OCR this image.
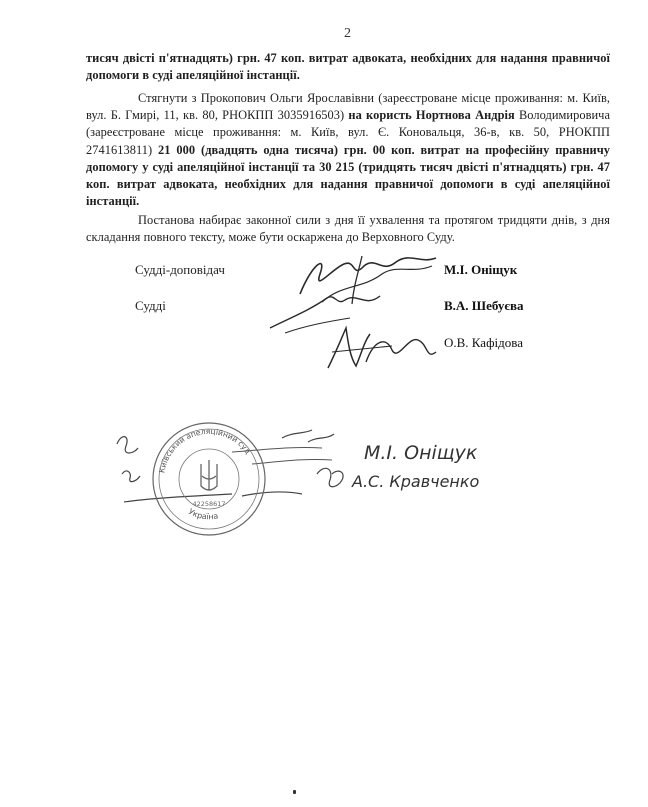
2
тисяч двісті п'ятнадцять) грн. 47 коп. витрат адвоката, необхідних для надання правничої допомоги в суді апеляційної інстанції.
Стягнути з Прокопович Ольги Ярославівни (зареєстроване місце проживання: м. Київ, вул. Б. Гмирі, 11, кв. 80, РНОКПП 3035916503) на користь Нортнова Андрія Володимировича (зареєстроване місце проживання: м. Київ, вул. Є. Коновальця, 36-в, кв. 50, РНОКПП 2741613811) 21 000 (двадцять одна тисяча) грн. 00 коп. витрат на професійну правничу допомогу у суді апеляційної інстанції та 30 215 (тридцять тисяч двісті п'ятнадцять) грн. 47 коп. витрат адвоката, необхідних для надання правничої допомоги в суді апеляційної інстанції.
Постанова набирає законної сили з дня її ухвалення та протягом тридцяти днів, з дня складання повного тексту, може бути оскаржена до Верховного Суду.
Судді-доповідач
Судді
М.І. Оніщук
В.А. Шебуєва
О.В. Кафідова
Київський апеляційний суд
Україна
42258617
М.І. Оніщук
А.С. Кравченко
